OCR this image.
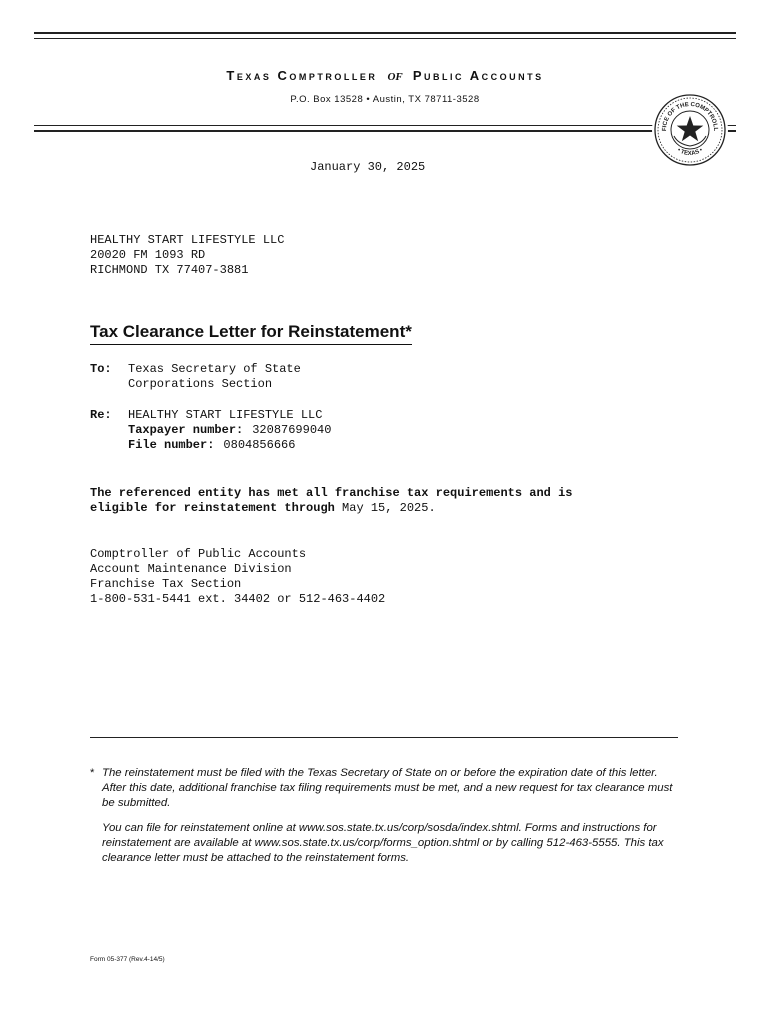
Texas Comptroller of Public Accounts
P.O. Box 13528 • Austin, TX 78711-3528
FICE OF THE COMPTROLL
• TEXAS •
January 30, 2025
HEALTHY START LIFESTYLE LLC
20020 FM 1093 RD
RICHMOND TX 77407-3881
Tax Clearance Letter for Reinstatement*
To:	Texas Secretary of State
Corporations Section
Re:	HEALTHY START LIFESTYLE LLC
Taxpayer number: 32087699040
File number: 0804856666
The referenced entity has met all franchise tax requirements and is
eligible for reinstatement through May 15, 2025.
Comptroller of Public Accounts
Account Maintenance Division
Franchise Tax Section
1-800-531-5441 ext. 34402 or 512-463-4402
* The reinstatement must be filed with the Texas Secretary of State on or before the expiration date of this letter. After this date, additional franchise tax filing requirements must be met, and a new request for tax clearance must be submitted.
You can file for reinstatement online at www.sos.state.tx.us/corp/sosda/index.shtml. Forms and instructions for reinstatement are available at www.sos.state.tx.us/corp/forms_option.shtml or by calling 512-463-5555. This tax clearance letter must be attached to the reinstatement forms.
Form 05-377 (Rev.4-14/5)
